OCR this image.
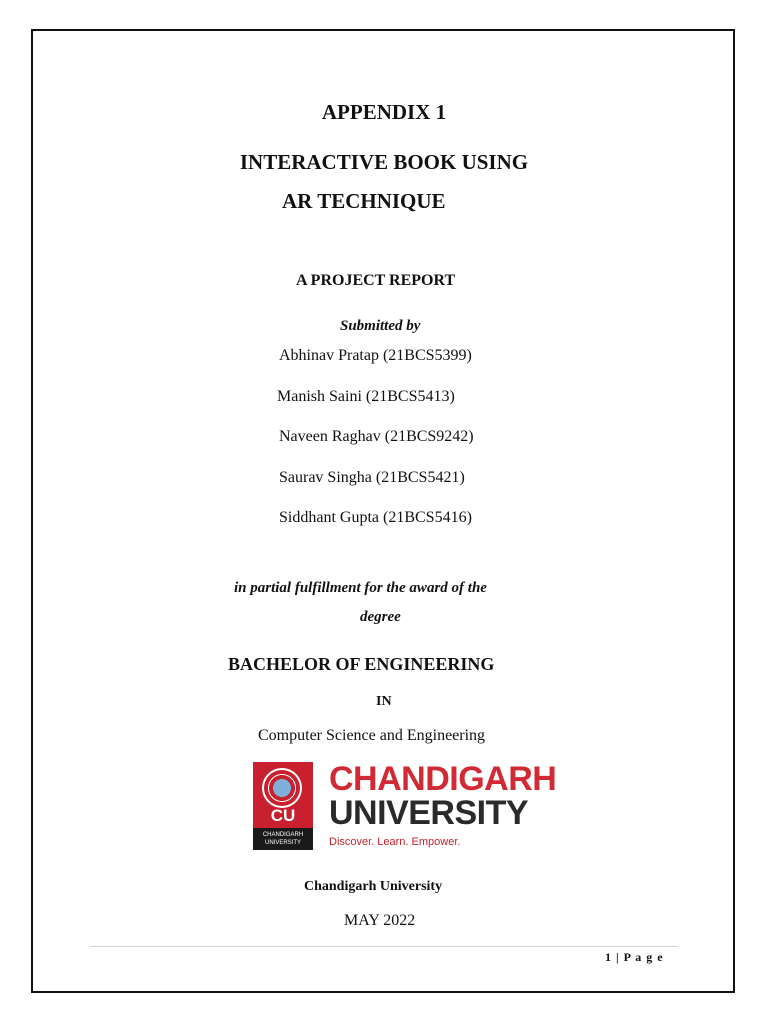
APPENDIX 1
INTERACTIVE BOOK USING
AR TECHNIQUE
A PROJECT REPORT
Submitted by
Abhinav Pratap (21BCS5399)
Manish Saini (21BCS5413)
Naveen Raghav (21BCS9242)
Saurav Singha (21BCS5421)
Siddhant Gupta (21BCS5416)
in partial fulfillment for the award of the
degree
BACHELOR OF ENGINEERING
IN
Computer Science and Engineering
CU
CHANDIGARH UNIVERSITY
CHANDIGARH
UNIVERSITY
Discover. Learn. Empower.
Chandigarh University
MAY 2022
1 | P a g e
